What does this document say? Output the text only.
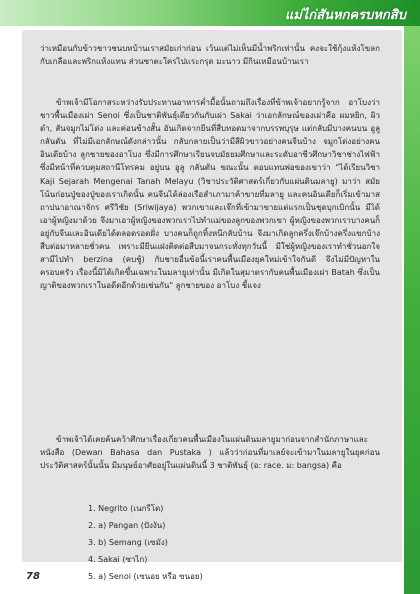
แม่ไก่สันหกครบหกสิบ

ว่าเหมือนกับข้าวชาวชนบทบ้านเราสมัยเก่าก่อน เว้นแต่ไม่เห็นมีน้ำพริกเท่านั้น คงจะใช้กุ้งแห้งโขลกกับเกลือและพริกแห้งแทน ส่วนซาตะใครไปแระกรุด มะนาว มีกินเหมือนบ้านเรา

ข้าพเจ้ามีโอกาสระหว่างรับประทานอาหารค่ำมื้อนั้นถามถึงเรื่องที่ข้าพเจ้าอยากรู้จาก อาโบงว่า ชาวพื้นเมืองเผ่า Senoi ซึ่งเป็นชาติพันธุ์เดียวกันกับเผ่า Sakai ว่าเอกลักษณ์ของเผ่าคือ ผมหยิก, ผิวดำ, สันจมูกไม่โด่ง และค่อนข้างสั้น อันเกิดจากยีนที่สืบทอดมาจากบรรพบุรุษ แต่กลับมีบางคนบน อูลู กลันตัน ที่ไม่มีเอกลักษณ์ดังกล่าวนั้น กลับกลายเป็นว่ามีสีผิวขาวอย่างคนจีนบ้าง จมูกโด่งอย่างคนอินเดียบ้าง ลูกชายของอาโบง ซึ่งมีการศึกษาเรียนจบมัธยมศึกษาและระดับอาชีวศึกษาวิชาช่างไฟฟ้า ซึ่งมีหน้าที่ควบคุมสถานีโทรคม อยู่บน อูลู กลันตัน ขณะนั้น ตอบแทนพ่อของเขาว่า "ได้เรียนวิชา Kaji Sejarah Mengenai Tanah Melayu (วิชาประวัติศาสตร์เกี่ยวกับแผ่นดินมลายู) มาว่า สมัยโน้นก่อนปู่ของปู่ของเราเกิดนั้น คนจีนได้ล่องเรือสำเภามาค้าขายที่มลายู และคนอินเดียก็เริ่มเข้ามาสถาปนาอาณาจักร ศรีวิชัย (Sriwijaya) พวกเขาและเจ๊กที่เข้ามาขายแต่แรกเป็นชุดบุกเบิกนั้น มีได้เอาผู้หญิงมาด้วย จึงมาเอาผู้หญิงของพวกเราไปทำแม่ของลูกของพวกเขา ผู้หญิงของพวกเราบางคนก็อยู่กับจีนและอินเดียได้ตลอดรอดฝั่ง บางคนก็ถูกทิ้งหนีกลับบ้าน จึงมาเกิดลูกครึ่งเจ๊กบ้างครึ่งแขกบ้างสืบต่อมาหลายชั่วคน เพราะมียีนแฝงติดต่อสืบมาจนกระทั่งทุกวันนี้ มีใช่ผู้หญิงของเราทำชั่วนอกใจสามีไปทำ berzina (คบชู้) กับชายอื่นข้อนี้เราคนพื้นเมืองยุคใหม่เข้าใจกันดี จึงไม่มีปัญหาในครอบครัว เรื่องนี้มิได้เกิดขึ้นเฉพาะในมลายูเท่านั้น มีเกิดในสุมาตรากับคนพื้นเมืองเผ่า Batah ซึ่งเป็นญาติของพวกเราในอดีตอีกด้วยเช่นกัน" ลูกชายของ อาโบง ชี้แจง

ข้าพเจ้าได้เคยค้นคว้าศึกษาเรื่องเกี่ยวคนพื้นเมืองในแผ่นดินมลายูมาก่อนจากสำนักภาษาและหนังสือ (Dewan Bahasa dan Pustaka ) แล้วว่าก่อนที่มาเลย์จะเข้ามาในมลายูในยุคก่อนประวัติศาสตร์นั้นนั้น มีมนุษย์อาศัยอยู่ในแผ่นดินนี้ 3 ชาติพันธุ์ (อ: race. ม: bangsa) คือ

1. Negrito (เนกรีโต)
2. a) Pangan (ปังงัน)
3. b) Semang (เซมัง)
4. Sakai (ซาไก)
5. a) Senoi (เซนอย หรือ ซนอย)
78
